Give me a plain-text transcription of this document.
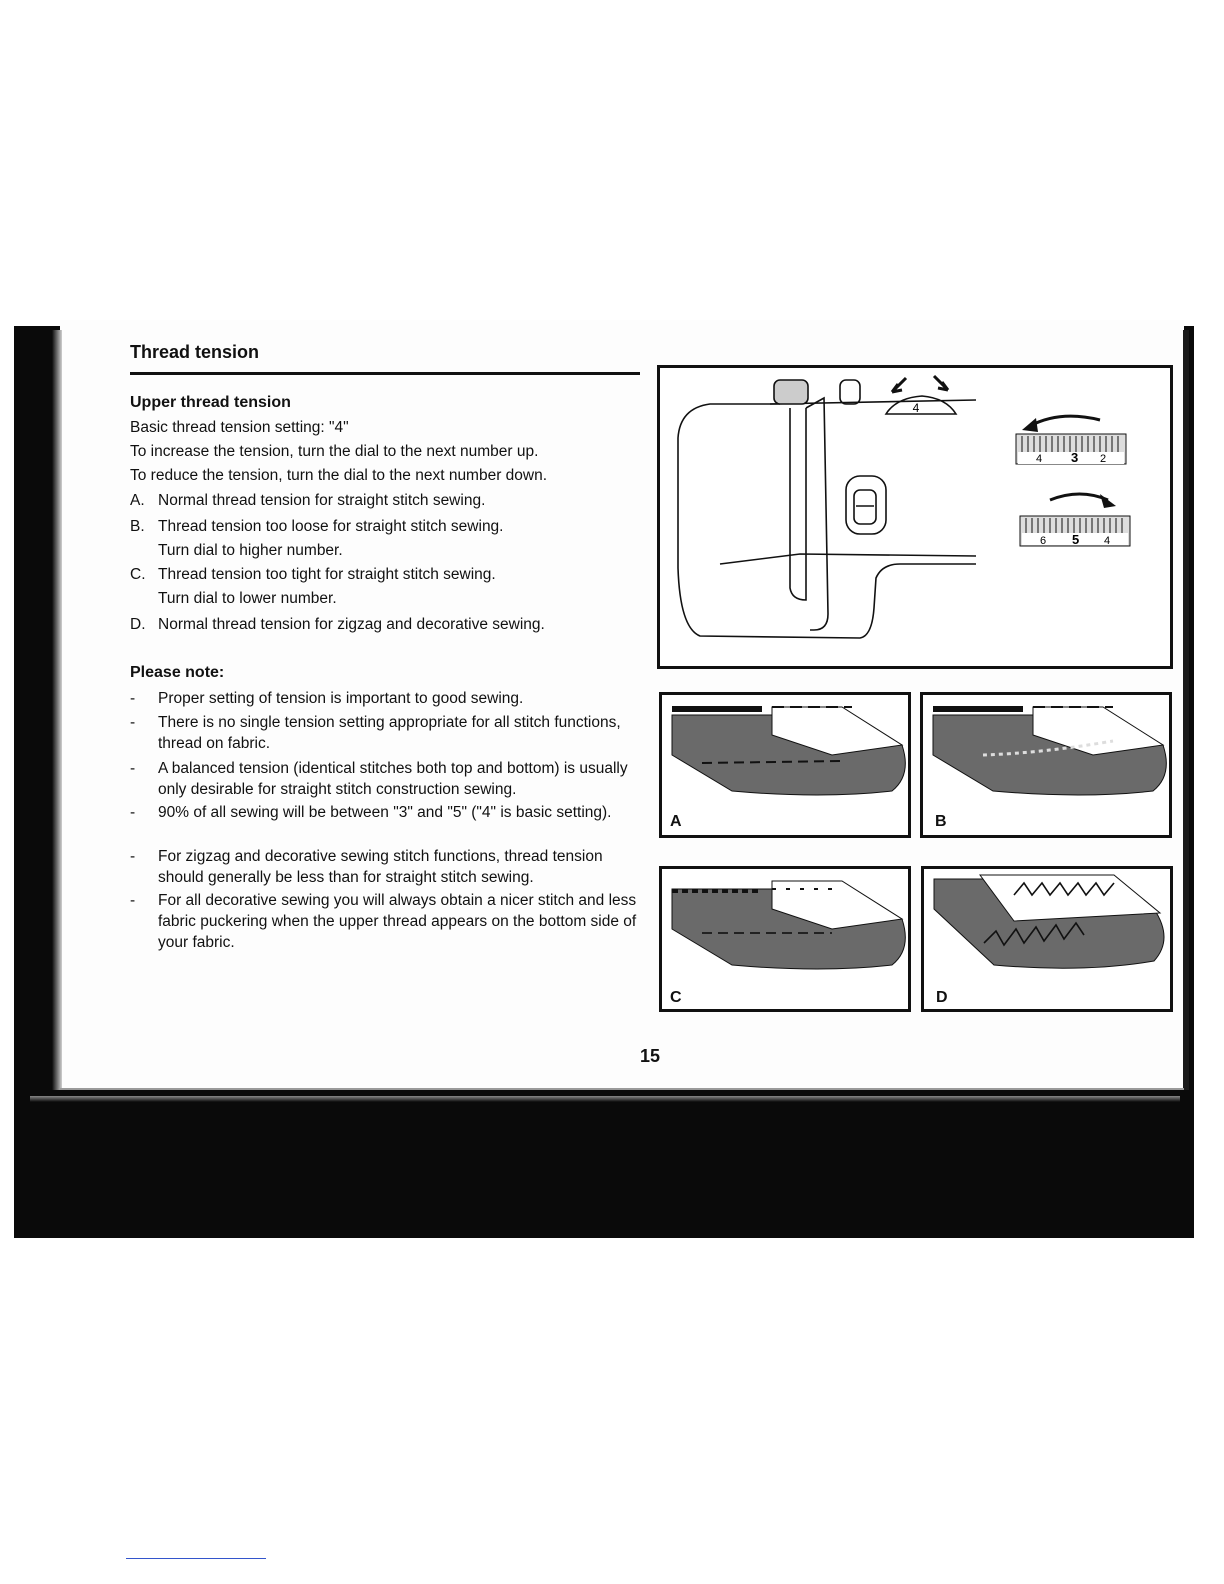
Thread tension
Upper thread tension
Basic thread tension setting: "4"
To increase the tension, turn the dial to the next number up.
To reduce the tension, turn the dial to the next number down.
A. Normal thread tension for straight stitch sewing.
B. Thread tension too loose for straight stitch sewing.
Turn dial to higher number.
C. Thread tension too tight for straight stitch sewing.
Turn dial to lower number.
D. Normal thread tension for zigzag and decorative sewing.
Please note:
- Proper setting of tension is important to good sewing.
- There is no single tension setting appropriate for all stitch functions, thread on fabric.
- A balanced tension (identical stitches both top and bottom) is usually only desirable for straight stitch construction sewing.
- 90% of all sewing will be between "3" and "5" ("4" is basic setting).
- For zigzag and decorative sewing stitch functions, thread tension should generally be less than for straight stitch sewing.
- For all decorative sewing you will always obtain a nicer stitch and less fabric puckering when the upper thread appears on the bottom side of your fabric.
4
4 3 2
6 5 4
A	B
C	D
15
